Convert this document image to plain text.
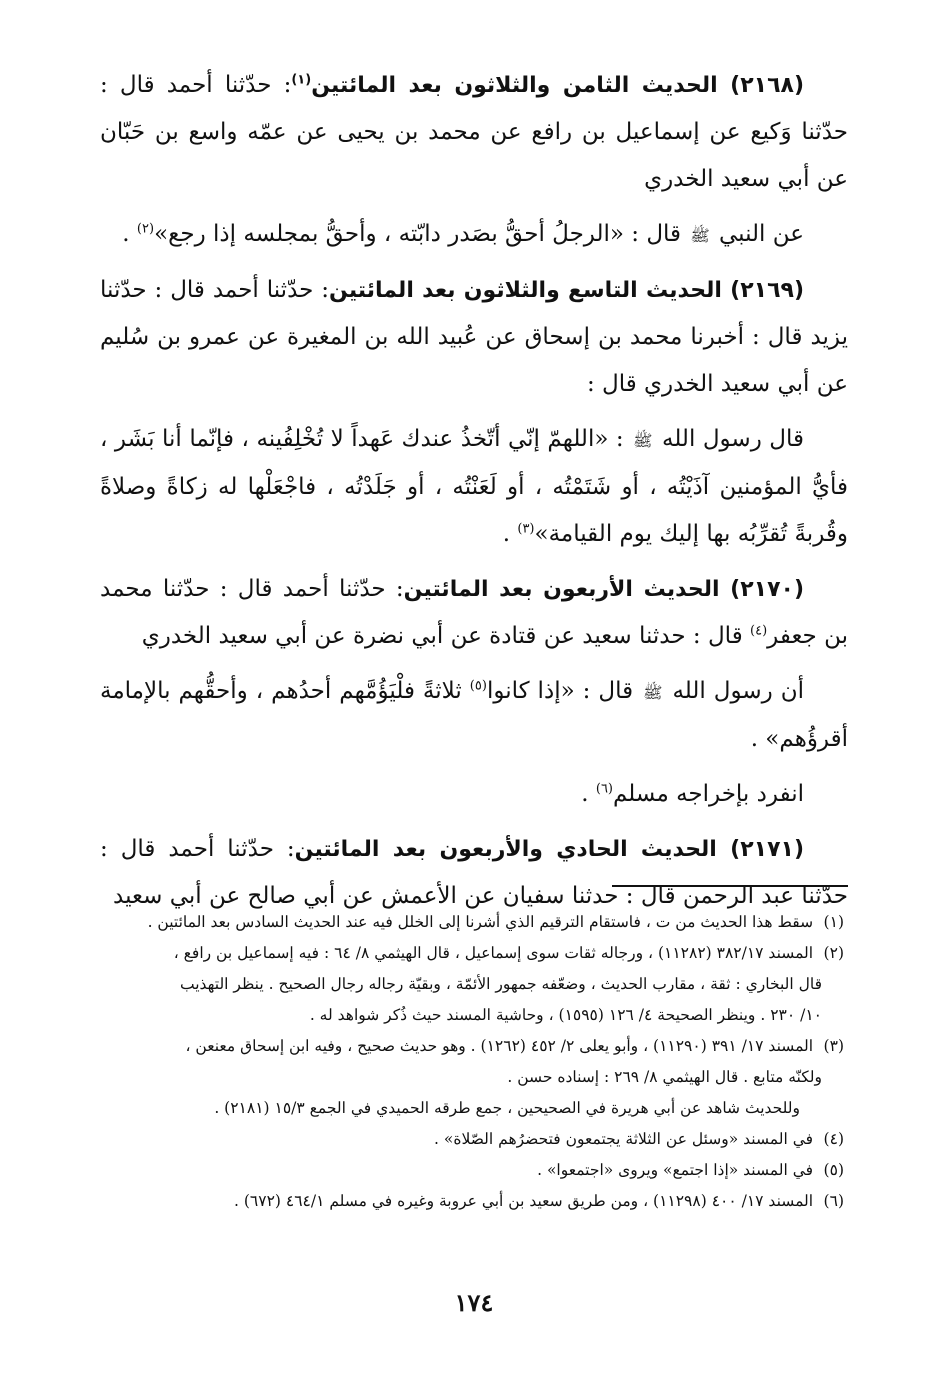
(٢١٦٨) الحديث الثامن والثلاثون بعد المائتين$^{(١)}$: حدّثنا أحمد قال : حدّثنا وَكيع عن إسماعيل بن رافع عن محمد بن يحيى عن عمّه واسع بن حَبّان عن أبي سعيد الخدري

عن النبي ﷺ قال : «الرجلُ أحقُّ بصَدر دابّته ، وأحقُّ بمجلسه إذا رجع»$^{(٢)}$ .

(٢١٦٩) الحديث التاسع والثلاثون بعد المائتين: حدّثنا أحمد قال : حدّثنا يزيد قال : أخبرنا محمد بن إسحاق عن عُبيد الله بن المغيرة عن عمرو بن سُليم عن أبي سعيد الخدري قال :

قال رسول الله ﷺ : «اللهمّ إنّي أتّخذُ عندك عَهداً لا تُخْلِفُينه ، فإنّما أنا بَشَر ، فأيُّ المؤمنين آذَيْتُه ، أو شَتَمْتُه ، أو لَعَنْتُه ، أو جَلَدْتُه ، فاجْعَلْها له زكاةً وصلاةً وقُربةً تُقرِّبُه بها إليك يوم القيامة»$^{(٣)}$ .

(٢١٧٠) الحديث الأربعون بعد المائتين: حدّثنا أحمد قال : حدّثنا محمد بن جعفر$^{(٤)}$ قال : حدثنا سعيد عن قتادة عن أبي نضرة عن أبي سعيد الخدري

أن رسول الله ﷺ قال : «إذا كانوا$^{(٥)}$ ثلاثةً فلْيَؤُمَّهم أحدُهم ، وأحقُّهم بالإمامة أقرؤُهم» .

انفرد بإخراجه مسلم$^{(٦)}$ .

(٢١٧١) الحديث الحادي والأربعون بعد المائتين: حدّثنا أحمد قال : حدّثنا عبد الرحمن قال : حدثنا سفيان عن الأعمش عن أبي صالح عن أبي سعيد

(١) سقط هذا الحديث من ت ، فاستقام الترقيم الذي أشرنا إلى الخلل فيه عند الحديث السادس بعد المائتين .

(٢) المسند ٣٨٢/١٧ (١١٢٨٢) ، ورجاله ثقات سوى إسماعيل ، قال الهيثمي ٨/ ٦٤ : فيه إسماعيل بن رافع ،

قال البخاري : ثقة ، مقارب الحديث ، وضعّفه جمهور الأئمّة ، وبقيّة رجاله رجال الصحيح . ينظر التهذيب

١٠/ ٢٣٠ . وينظر الصحيحة ٤/ ١٢٦ (١٥٩٥) ، وحاشية المسند حيث ذُكر شواهد له .

(٣) المسند ١٧/ ٣٩١ (١١٢٩٠) ، وأبو يعلى ٢/ ٤٥٢ (١٢٦٢) . وهو حديث صحيح ، وفيه ابن إسحاق معنعن ،

ولكنّه متابع . قال الهيثمي ٨/ ٢٦٩ : إسناده حسن .

وللحديث شاهد عن أبي هريرة في الصحيحين ، جمع طرقه الحميدي في الجمع ١٥/٣ (٢١٨١) .

(٤) في المسند «وسئل عن الثلاثة يجتمعون فتحضرُهم الصّلاة» .

(٥) في المسند «إذا اجتمع» ويروى «اجتمعوا» .

(٦) المسند ١٧/ ٤٠٠ (١١٢٩٨) ، ومن طريق سعيد بن أبي عروبة وغيره في مسلم ٤٦٤/١ (٦٧٢) .

١٧٤
